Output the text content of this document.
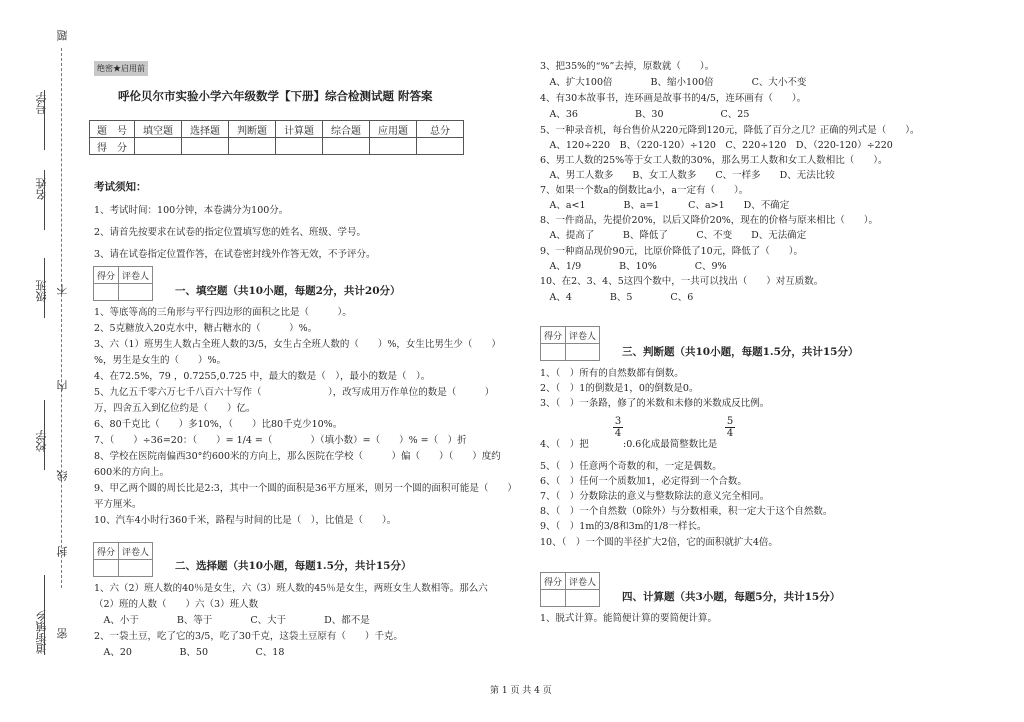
题
号学
名姓
级班 不
校学
内
线
封
道街镇乡 密
绝密★启用前
呼伦贝尔市实验小学六年级数学【下册】综合检测试题 附答案
题　号	填空题	选择题	判断题	计算题	综合题	应用题	总分
得　分							
考试须知：
1、考试时间：100分钟，本卷满分为100分。
2、请首先按要求在试卷的指定位置填写您的姓名、班级、学号。
3、请在试卷指定位置作答，在试卷密封线外作答无效，不予评分。
得分	评卷人

一、填空题（共10小题，每题2分，共计20分）
1、等底等高的三角形与平行四边形的面积之比是（　　　）。
2、5克糖放入20克水中，糖占糖水的（　　　）%。
3、六（1）班男生人数占全班人数的3/5，女生占全班人数的（　　）%，女生比男生少（　　）
%，男生是女生的（　　）%。
4、在72.5%，79 ，0.7255,0.725 中，最大的数是（　），最小的数是（　）。
5、九亿五千零六万七千八百六十写作（　　　　　　　），改写成用万作单位的数是（　　　）
万，四舍五入到亿位约是（　　）亿。
6、80千克比（　　）多10%，（　　）比80千克少10%。
7、（　　）÷36=20：（　　）= 1/4 =（　　　　）（填小数）=（　　）% =（　）折
8、学校在医院南偏西30°约600米的方向上，那么医院在学校（　　　）偏（　　）（　　）度约
600米的方向上。
9、甲乙两个圆的周长比是2:3，其中一个圆的面积是36平方厘米，则另一个圆的面积可能是（　　）
平方厘米。
10、汽车4小时行360千米，路程与时间的比是（　），比值是（　　）。
得分	评卷人

二、选择题（共10小题，每题1.5分，共计15分）
1、六（2）班人数的40％是女生，六（3）班人数的45％是女生，两班女生人数相等。那么六
（2）班的人数（　　）六（3）班人数
　A、小于　　　　B、等于　　　　C、大于　　　　D、都不是
2、一袋土豆，吃了它的3/5，吃了30千克，这袋土豆原有（　　）千克。
　A、20　　　　　B、50　　　　　C、18
3、把35%的“%”去掉，原数就（　　）。
　A、扩大100倍　　　　B、缩小100倍　　　　C、大小不变
4、有30本故事书，连环画是故事书的4/5，连环画有（　　）。
　A、36　　　　　　B、30　　　　　　C、25
5、一种录音机，每台售价从220元降到120元，降低了百分之几？正确的列式是（　　）。
　A、120÷220　B、（220-120）÷120　C、220÷120　D、（220-120）÷220
6、男工人数的25%等于女工人数的30%，那么男工人数和女工人数相比（　　）。
　A、男工人数多　　B、女工人数多　　C、一样多　　D、无法比较
7、如果一个数a的倒数比a小，a一定有（　　）。
　A、a<1　　　　B、a=1　　　C、a>1　　D、不确定
8、一件商品，先提价20%，以后又降价20%，现在的价格与原来相比（　　）。
　A、提高了　　　B、降低了　　　C、不变　　D、无法确定
9、一种商品现价90元，比原价降低了10元，降低了（　　）。
　A、1/9　　　　B、10%　　　　C、9%
10、在2、3、4、5这四个数中，一共可以找出（　　）对互质数。
　A、4　　　　B、5　　　　C、6
得分	评卷人

三、判断题（共10小题，每题1.5分，共计15分）
1、（　）所有的自然数都有倒数。
2、（　）1的倒数是1，0的倒数是0。
3、（　）一条路，修了的米数和未修的米数成反比例。
4、（　）把
$\frac{3}{4}$
:0.6化成最简整数比是
$\frac{5}{4}$
5、（　）任意两个奇数的和，一定是偶数。
6、（　）任何一个质数加1，必定得到一个合数。
7、（　）分数除法的意义与整数除法的意义完全相同。
8、（　）一个自然数（0除外）与分数相乘，积一定大于这个自然数。
9、（　）1m的3/8和3m的1/8一样长。
10、（　）一个圆的半径扩大2倍，它的面积就扩大4倍。
得分	评卷人

四、计算题（共3小题，每题5分，共计15分）
1、脱式计算。能简便计算的要简便计算。
第 1 页 共 4 页
